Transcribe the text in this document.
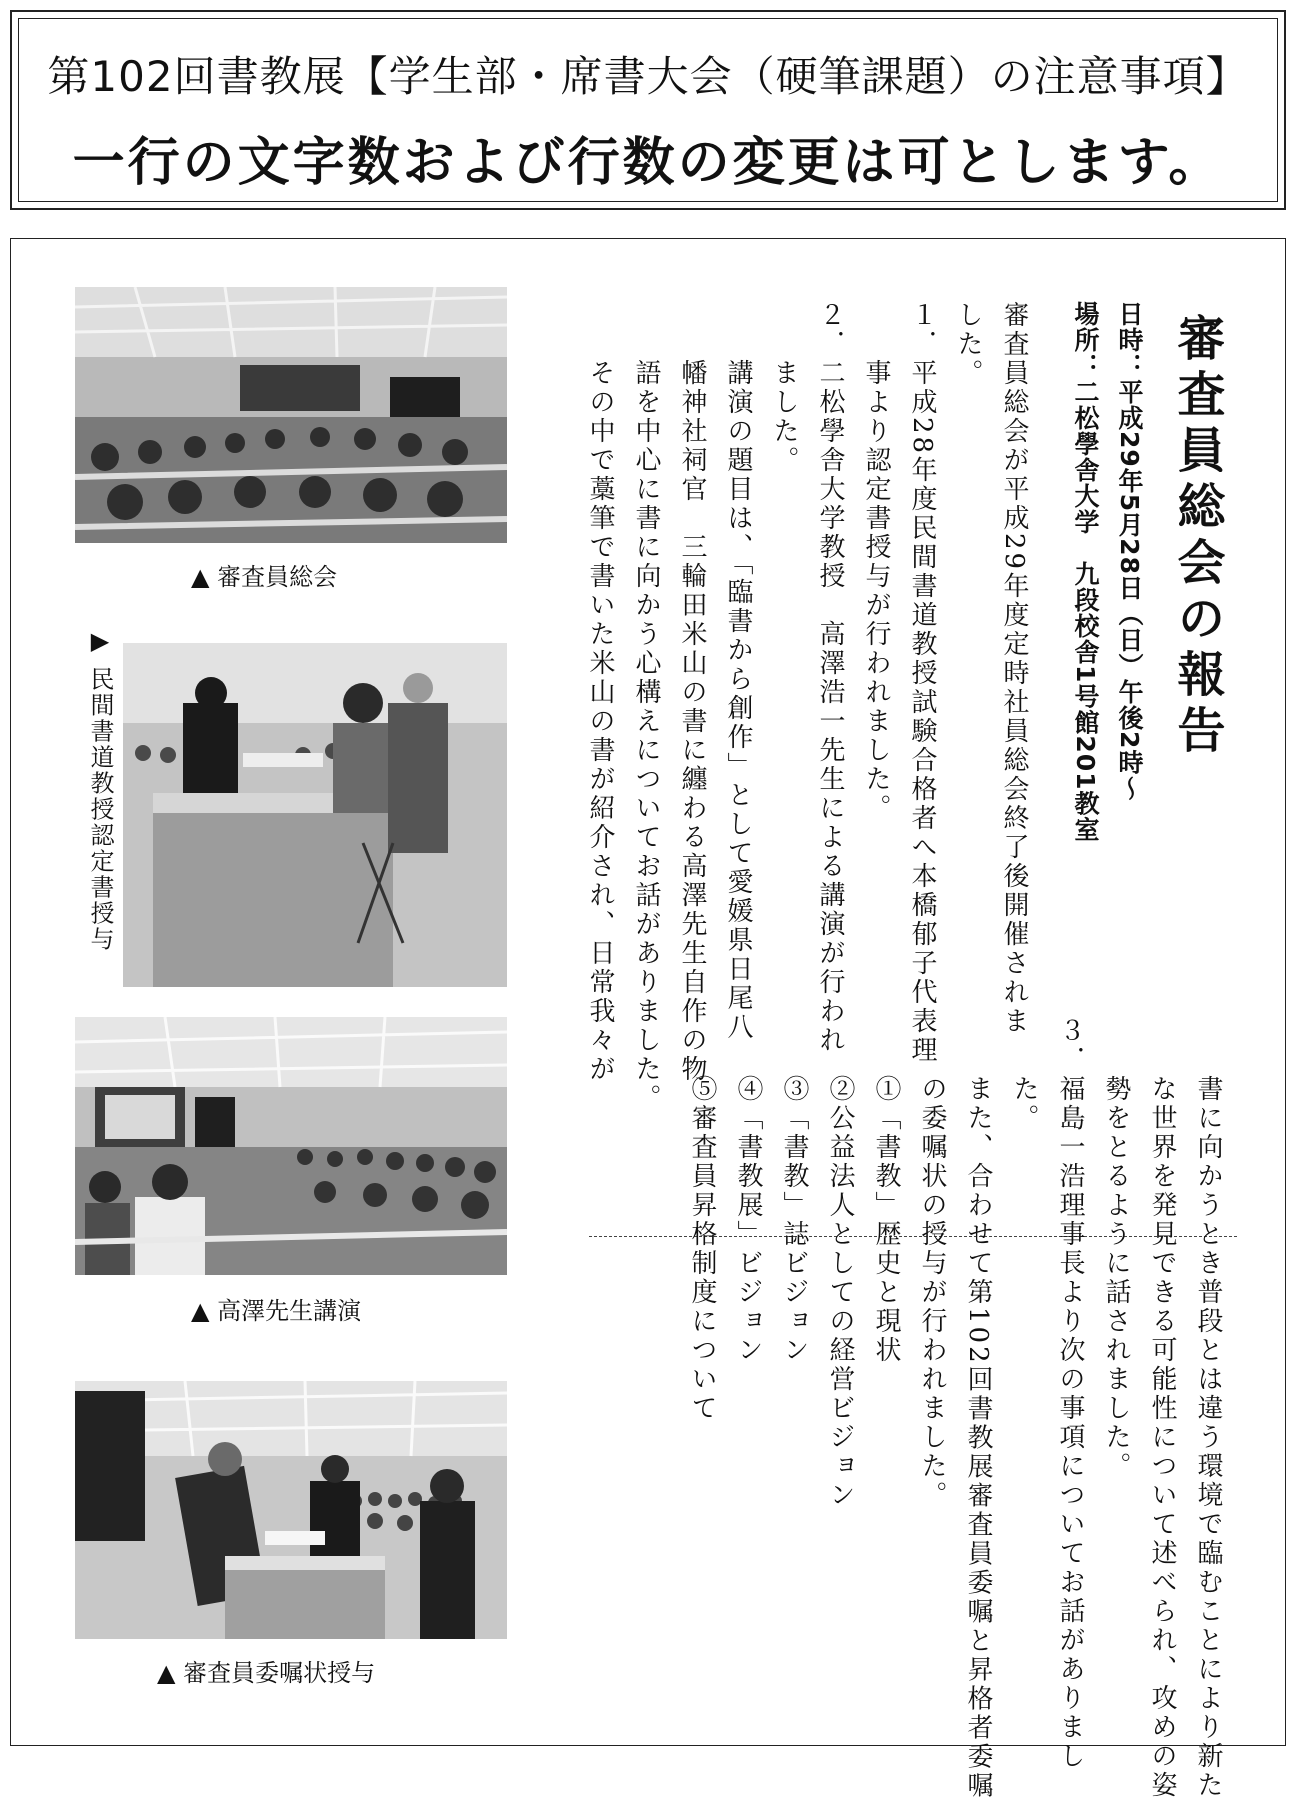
第102回書教展【学生部・席書大会（硬筆課題）の注意事項】
一行の文字数および行数の変更は可とします。
審査員総会の報告
日時：平成29年5月28日（日）午後2時～
場所：二松學舎大学　九段校舎1号館201教室
審査員総会が平成29年度定時社員総会終了後開催されま
した。
１．平成28年度民間書道教授試験合格者へ本橋郁子代表理
　　事より認定書授与が行われました。
２．二松學舎大学教授　高澤浩一先生による講演が行われ
　　ました。
　　講演の題目は、「臨書から創作」として愛媛県日尾八
　　幡神社祠官　三輪田米山の書に纏わる高澤先生自作の物
　　語を中心に書に向かう心構えについてお話がありました。
　　その中で藁筆で書いた米山の書が紹介され、日常我々が
　　書に向かうとき普段とは違う環境で臨むことにより新た
　　な世界を発見できる可能性について述べられ、攻めの姿
　　勢をとるように話されました。
３．福島一浩理事長より次の事項についてお話がありまし
　　た。
　　また、合わせて第102回書教展審査員委嘱と昇格者委嘱
　　の委嘱状の授与が行われました。
　　①「書教」歴史と現状
　　②公益法人としての経営ビジョン
　　③「書教」誌ビジョン
　　④「書教展」ビジョン
　　⑤審査員昇格制度について
▲ 審査員総会
▶ 民間書道教授認定書授与
▲ 高澤先生講演
▲ 審査員委嘱状授与
